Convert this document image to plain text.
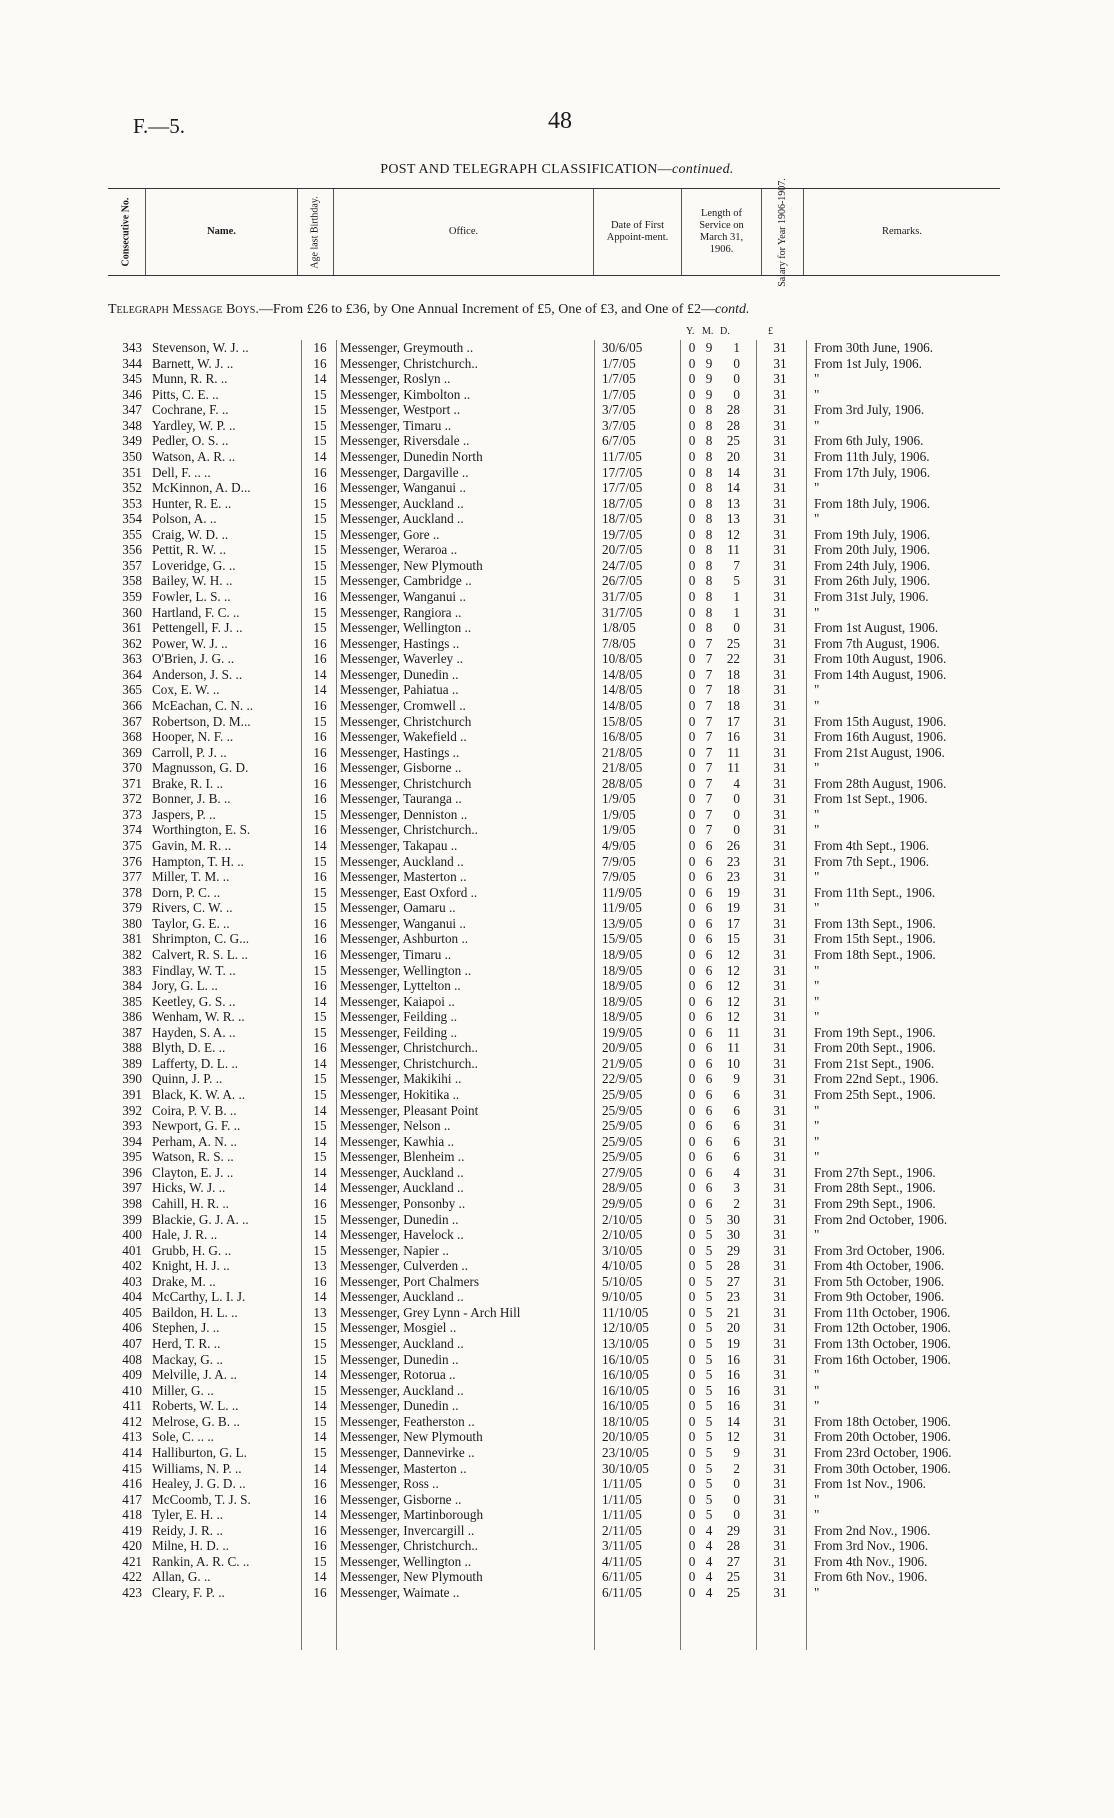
F.—5.	48
POST AND TELEGRAPH CLASSIFICATION—continued.
Consecutive No.	Name.	Age last Birthday.	Office.
Date of First Appoint-ment.
Length of Service on March 31, 1906.	Salary for Year 1906-1907.	Remarks.
Telegraph Message Boys.—From £26 to £36, by One Annual Increment of £5, One of £3, and One of £2—contd.
Y. M. D.	£
343 Stevenson, W. J. ..	16	Messenger, Greymouth ..	30/6/05	0 9	1	31	From 30th June, 1906.
344 Barnett, W. J. ..	16	Messenger, Christchurch..	1/7/05	0 9	0	31	From 1st July, 1906.
345 Munn, R. R. ..	14	Messenger, Roslyn ..	1/7/05	0 9	0	31	"
346 Pitts, C. E. ..	15	Messenger, Kimbolton ..	1/7/05	0 9	0	31	"
347 Cochrane, F. ..	15	Messenger, Westport ..	3/7/05	0 8	28	31	From 3rd July, 1906.
348 Yardley, W. P. ..	15	Messenger, Timaru ..	3/7/05	0 8	28	31	"
349 Pedler, O. S. ..	15	Messenger, Riversdale ..	6/7/05	0 8	25	31	From 6th July, 1906.
350 Watson, A. R. ..	14	Messenger, Dunedin North	11/7/05	0 8	20	31	From 11th July, 1906.
351 Dell, F. .. ..	16	Messenger, Dargaville ..	17/7/05	0 8	14	31	From 17th July, 1906.
352 McKinnon, A. D...	16	Messenger, Wanganui ..	17/7/05	0 8	14	31	"
353 Hunter, R. E. ..	15	Messenger, Auckland ..	18/7/05	0 8	13	31	From 18th July, 1906.
354 Polson, A. ..	15	Messenger, Auckland ..	18/7/05	0 8	13	31	"
355 Craig, W. D. ..	15	Messenger, Gore ..	19/7/05	0 8	12	31	From 19th July, 1906.
356 Pettit, R. W. ..	15	Messenger, Weraroa ..	20/7/05	0 8	11	31	From 20th July, 1906.
357 Loveridge, G. ..	15	Messenger, New Plymouth	24/7/05	0 8	7	31	From 24th July, 1906.
358 Bailey, W. H. ..	15	Messenger, Cambridge ..	26/7/05	0 8	5	31	From 26th July, 1906.
359 Fowler, L. S. ..	16	Messenger, Wanganui ..	31/7/05	0 8	1	31	From 31st July, 1906.
360 Hartland, F. C. ..	15	Messenger, Rangiora ..	31/7/05	0 8	1	31	"
361 Pettengell, F. J. ..	15	Messenger, Wellington ..	1/8/05	0 8	0	31	From 1st August, 1906.
362 Power, W. J. ..	16	Messenger, Hastings ..	7/8/05	0 7	25	31	From 7th August, 1906.
363 O'Brien, J. G. ..	16	Messenger, Waverley ..	10/8/05	0 7	22	31	From 10th August, 1906.
364 Anderson, J. S. ..	14	Messenger, Dunedin ..	14/8/05	0 7	18	31	From 14th August, 1906.
365 Cox, E. W. ..	14	Messenger, Pahiatua ..	14/8/05	0 7	18	31	"
366 McEachan, C. N. ..	16	Messenger, Cromwell ..	14/8/05	0 7	18	31	"
367 Robertson, D. M...	15	Messenger, Christchurch	15/8/05	0 7	17	31	From 15th August, 1906.
368 Hooper, N. F. ..	16	Messenger, Wakefield ..	16/8/05	0 7	16	31	From 16th August, 1906.
369 Carroll, P. J. ..	16	Messenger, Hastings ..	21/8/05	0 7	11	31	From 21st August, 1906.
370 Magnusson, G. D.	16	Messenger, Gisborne ..	21/8/05	0 7	11	31	"
371 Brake, R. I. ..	16	Messenger, Christchurch	28/8/05	0 7	4	31	From 28th August, 1906.
372 Bonner, J. B. ..	16	Messenger, Tauranga ..	1/9/05	0 7	0	31	From 1st Sept., 1906.
373 Jaspers, P. ..	15	Messenger, Denniston ..	1/9/05	0 7	0	31	"
374 Worthington, E. S.	16	Messenger, Christchurch..	1/9/05	0 7	0	31	"
375 Gavin, M. R. ..	14	Messenger, Takapau ..	4/9/05	0 6	26	31	From 4th Sept., 1906.
376 Hampton, T. H. ..	15	Messenger, Auckland ..	7/9/05	0 6	23	31	From 7th Sept., 1906.
377 Miller, T. M. ..	16	Messenger, Masterton ..	7/9/05	0 6	23	31	"
378 Dorn, P. C. ..	15	Messenger, East Oxford ..	11/9/05	0 6	19	31	From 11th Sept., 1906.
379 Rivers, C. W. ..	15	Messenger, Oamaru ..	11/9/05	0 6	19	31	"
380 Taylor, G. E. ..	16	Messenger, Wanganui ..	13/9/05	0 6	17	31	From 13th Sept., 1906.
381 Shrimpton, C. G...	16	Messenger, Ashburton ..	15/9/05	0 6	15	31	From 15th Sept., 1906.
382 Calvert, R. S. L. ..	16	Messenger, Timaru ..	18/9/05	0 6	12	31	From 18th Sept., 1906.
383 Findlay, W. T. ..	15	Messenger, Wellington ..	18/9/05	0 6	12	31	"
384 Jory, G. L. ..	16	Messenger, Lyttelton ..	18/9/05	0 6	12	31	"
385 Keetley, G. S. ..	14	Messenger, Kaiapoi ..	18/9/05	0 6	12	31	"
386 Wenham, W. R. ..	15	Messenger, Feilding ..	18/9/05	0 6	12	31	"
387 Hayden, S. A. ..	15	Messenger, Feilding ..	19/9/05	0 6	11	31	From 19th Sept., 1906.
388 Blyth, D. E. ..	16	Messenger, Christchurch..	20/9/05	0 6	11	31	From 20th Sept., 1906.
389 Lafferty, D. L. ..	14	Messenger, Christchurch..	21/9/05	0 6	10	31	From 21st Sept., 1906.
390 Quinn, J. P. ..	15	Messenger, Makikihi ..	22/9/05	0 6	9	31	From 22nd Sept., 1906.
391 Black, K. W. A. ..	15	Messenger, Hokitika ..	25/9/05	0 6	6	31	From 25th Sept., 1906.
392 Coira, P. V. B. ..	14	Messenger, Pleasant Point	25/9/05	0 6	6	31	"
393 Newport, G. F. ..	15	Messenger, Nelson ..	25/9/05	0 6	6	31	"
394 Perham, A. N. ..	14	Messenger, Kawhia ..	25/9/05	0 6	6	31	"
395 Watson, R. S. ..	15	Messenger, Blenheim ..	25/9/05	0 6	6	31	"
396 Clayton, E. J. ..	14	Messenger, Auckland ..	27/9/05	0 6	4	31	From 27th Sept., 1906.
397 Hicks, W. J. ..	14	Messenger, Auckland ..	28/9/05	0 6	3	31	From 28th Sept., 1906.
398 Cahill, H. R. ..	16	Messenger, Ponsonby ..	29/9/05	0 6	2	31	From 29th Sept., 1906.
399 Blackie, G. J. A. ..	15	Messenger, Dunedin ..	2/10/05	0 5	30	31	From 2nd October, 1906.
400 Hale, J. R. ..	14	Messenger, Havelock ..	2/10/05	0 5	30	31	"
401 Grubb, H. G. ..	15	Messenger, Napier ..	3/10/05	0 5	29	31	From 3rd October, 1906.
402 Knight, H. J. ..	13	Messenger, Culverden ..	4/10/05	0 5	28	31	From 4th October, 1906.
403 Drake, M. ..	16	Messenger, Port Chalmers	5/10/05	0 5	27	31	From 5th October, 1906.
404 McCarthy, L. I. J.	14	Messenger, Auckland ..	9/10/05	0 5	23	31	From 9th October, 1906.
405 Baildon, H. L. ..	13	Messenger, Grey Lynn - Arch Hill	11/10/05	0 5	21	31	From 11th October, 1906.
406 Stephen, J. ..	15	Messenger, Mosgiel ..	12/10/05	0 5	20	31	From 12th October, 1906.
407 Herd, T. R. ..	15	Messenger, Auckland ..	13/10/05	0 5	19	31	From 13th October, 1906.
408 Mackay, G. ..	15	Messenger, Dunedin ..	16/10/05	0 5	16	31	From 16th October, 1906.
409 Melville, J. A. ..	14	Messenger, Rotorua ..	16/10/05	0 5	16	31	"
410 Miller, G. ..	15	Messenger, Auckland ..	16/10/05	0 5	16	31	"
411 Roberts, W. L. ..	14	Messenger, Dunedin ..	16/10/05	0 5	16	31	"
412 Melrose, G. B. ..	15	Messenger, Featherston ..	18/10/05	0 5	14	31	From 18th October, 1906.
413 Sole, C. .. ..	14	Messenger, New Plymouth	20/10/05	0 5	12	31	From 20th October, 1906.
414 Halliburton, G. L.	15	Messenger, Dannevirke ..	23/10/05	0 5	9	31	From 23rd October, 1906.
415 Williams, N. P. ..	14	Messenger, Masterton ..	30/10/05	0 5	2	31	From 30th October, 1906.
416 Healey, J. G. D. ..	16	Messenger, Ross ..	1/11/05	0 5	0	31	From 1st Nov., 1906.
417 McCoomb, T. J. S.	16	Messenger, Gisborne ..	1/11/05	0 5	0	31	"
418 Tyler, E. H. ..	14	Messenger, Martinborough	1/11/05	0 5	0	31	"
419 Reidy, J. R. ..	16	Messenger, Invercargill ..	2/11/05	0 4	29	31	From 2nd Nov., 1906.
420 Milne, H. D. ..	16	Messenger, Christchurch..	3/11/05	0 4	28	31	From 3rd Nov., 1906.
421 Rankin, A. R. C. ..	15	Messenger, Wellington ..	4/11/05	0 4	27	31	From 4th Nov., 1906.
422 Allan, G. ..	14	Messenger, New Plymouth	6/11/05	0 4	25	31	From 6th Nov., 1906.
423 Cleary, F. P. ..	16	Messenger, Waimate ..	6/11/05	0 4	25	31	"
